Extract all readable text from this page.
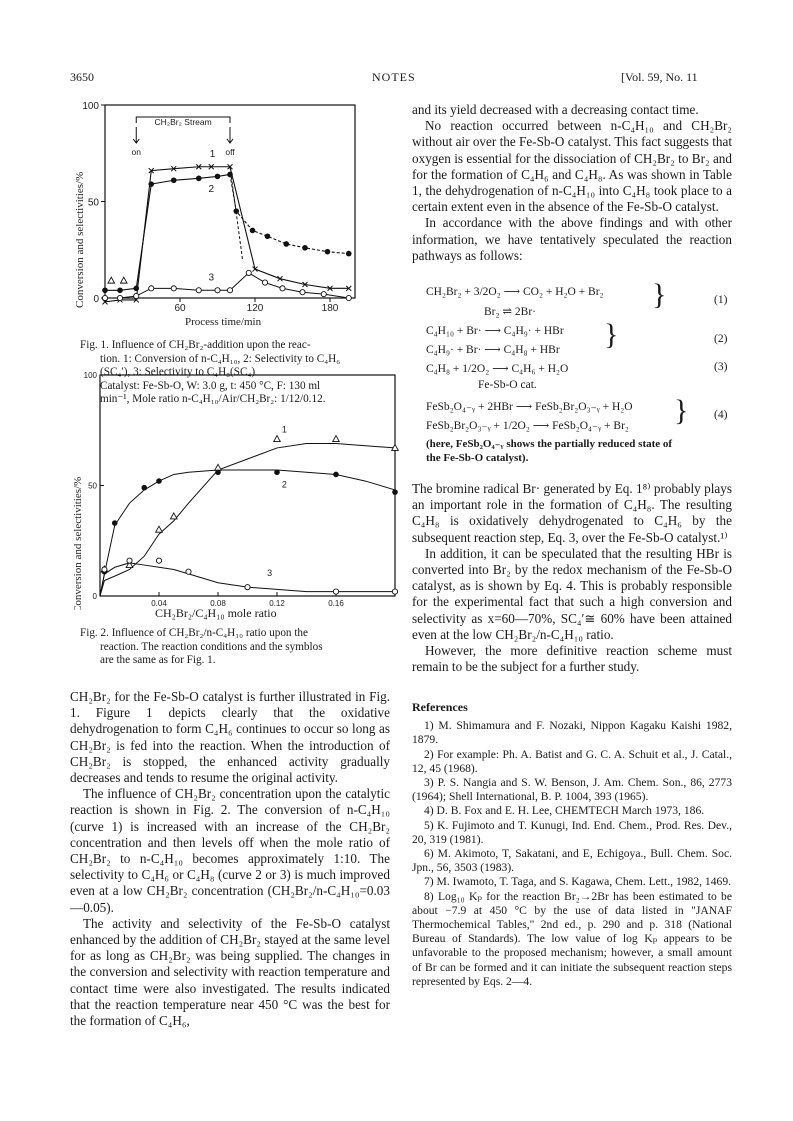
3650	NOTES	[Vol. 59, No. 11
Conversion and selectivities/%
Process time/min
100
50
0
60	120	180
CH₂Br₂ Stream
on	off
1
2
3
Fig. 1. Influence of CH₂Br₂-addition upon the reac-
tion. 1: Conversion of n-C₄H₁₀, 2: Selectivity to C₄H₆
(SC₄′), 3: Selectivity to C₄H₈(SC₄)
Catalyst: Fe-Sb-O, W: 3.0 g, t: 450 °C, F: 130 ml
min⁻¹, Mole ratio n-C₄H₁₀/Air/CH₂Br₂: 1/12/0.12.
Conversion and selectivities/%
100
50
0
0.04	0.08	0.12	0.16
1
2
3
CH₂Br₂/C₄H₁₀ mole ratio
Fig. 2. Influence of CH₂Br₂/n-C₄H₁₀ ratio upon the
reaction. The reaction conditions and the symblos
are the same as for Fig. 1.

CH₂Br₂ for the Fe-Sb-O catalyst is further illustrated in Fig. 1. Figure 1 depicts clearly that the oxidative dehydrogenation to form C₄H₆ continues to occur so long as CH₂Br₂ is fed into the reaction. When the introduction of CH₂Br₂ is stopped, the enhanced activity gradually decreases and tends to resume the original activity.

The influence of CH₂Br₂ concentration upon the catalytic reaction is shown in Fig. 2. The conversion of n-C₄H₁₀ (curve 1) is increased with an increase of the CH₂Br₂ concentration and then levels off when the mole ratio of CH₂Br₂ to n-C₄H₁₀ becomes approximately 1:10. The selectivity to C₄H₆ or C₄H₈ (curve 2 or 3) is much improved even at a low CH₂Br₂ concentration (CH₂Br₂/n-C₄H₁₀=0.03—0.05).

The activity and selectivity of the Fe-Sb-O catalyst enhanced by the addition of CH₂Br₂ stayed at the same level for as long as CH₂Br₂ was being supplied. The changes in the conversion and selectivity with reaction temperature and contact time were also investigated. The results indicated that the reaction temperature near 450 °C was the best for the formation of C₄H₆,

and its yield decreased with a decreasing contact time.

No reaction occurred between n-C₄H₁₀ and CH₂Br₂ without air over the Fe-Sb-O catalyst. This fact suggests that oxygen is essential for the dissociation of CH₂Br₂ to Br₂ and for the formation of C₄H₆ and C₄H₈. As was shown in Table 1, the dehydrogenation of n-C₄H₁₀ into C₄H₈ took place to a certain extent even in the absence of the Fe-Sb-O catalyst.

In accordance with the above findings and with other information, we have tentatively speculated the reaction pathways as follows:

CH₂Br₂ + 3/2O₂ ⟶ CO₂ + H₂O + Br₂
Br₂ ⇌ 2Br·
}	(1)
C₄H₁₀ + Br· ⟶ C₄H₉· + HBr
C₄H₉· + Br· ⟶ C₄H₈ + HBr }	(2)
C₄H₈ + 1/2O₂ ⟶ C₄H₆ + H₂O	(3)
Fe-Sb-O cat.
FeSb₂O₄₋ᵧ + 2HBr ⟶ FeSb₂Br₂O₃₋ᵧ + H₂O
FeSb₂Br₂O₃₋ᵧ + 1/2O₂ ⟶ FeSb₂O₄₋ᵧ + Br₂ } (4)
(here, FeSb₂O₄₋ᵧ shows the partially reduced state of
the Fe-Sb-O catalyst).

The bromine radical Br· generated by Eq. 1⁸⁾ probably plays an important role in the formation of C₄H₈. The resulting C₄H₈ is oxidatively dehydrogenated to C₄H₆ by the subsequent reaction step, Eq. 3, over the Fe-Sb-O catalyst.¹⁾

In addition, it can be speculated that the resulting HBr is converted into Br₂ by the redox mechanism of the Fe-Sb-O catalyst, as is shown by Eq. 4. This is probably responsible for the experimental fact that such a high conversion and selectivity as x=60—70%, SC₄′≅ 60% have been attained even at the low CH₂Br₂/n-C₄H₁₀ ratio.

However, the more definitive reaction scheme must remain to be the subject for a further study.

References
1) M. Shimamura and F. Nozaki, Nippon Kagaku Kaishi 1982, 1879.
2) For example: Ph. A. Batist and G. C. A. Schuit et al., J. Catal., 12, 45 (1968).
3) P. S. Nangia and S. W. Benson, J. Am. Chem. Son., 86, 2773 (1964); Shell International, B. P. 1004, 393 (1965).
4) D. B. Fox and E. H. Lee, CHEMTECH March 1973, 186.
5) K. Fujimoto and T. Kunugi, Ind. End. Chem., Prod. Res. Dev., 20, 319 (1981).
6) M. Akimoto, T, Sakatani, and E, Echigoya., Bull. Chem. Soc. Jpn., 56, 3503 (1983).
7) M. Iwamoto, T. Taga, and S. Kagawa, Chem. Lett., 1982, 1469.
8) Log₁₀ Kₚ for the reaction Br₂→2Br has been estimated to be about −7.9 at 450 °C by the use of data listed in "JANAF Thermochemical Tables," 2nd ed., p. 290 and p. 318 (National Bureau of Standards). The low value of log Kₚ appears to be unfavorable to the proposed mechanism; however, a small amount of Br can be formed and it can initiate the subsequent reaction steps represented by Eqs. 2—4.
